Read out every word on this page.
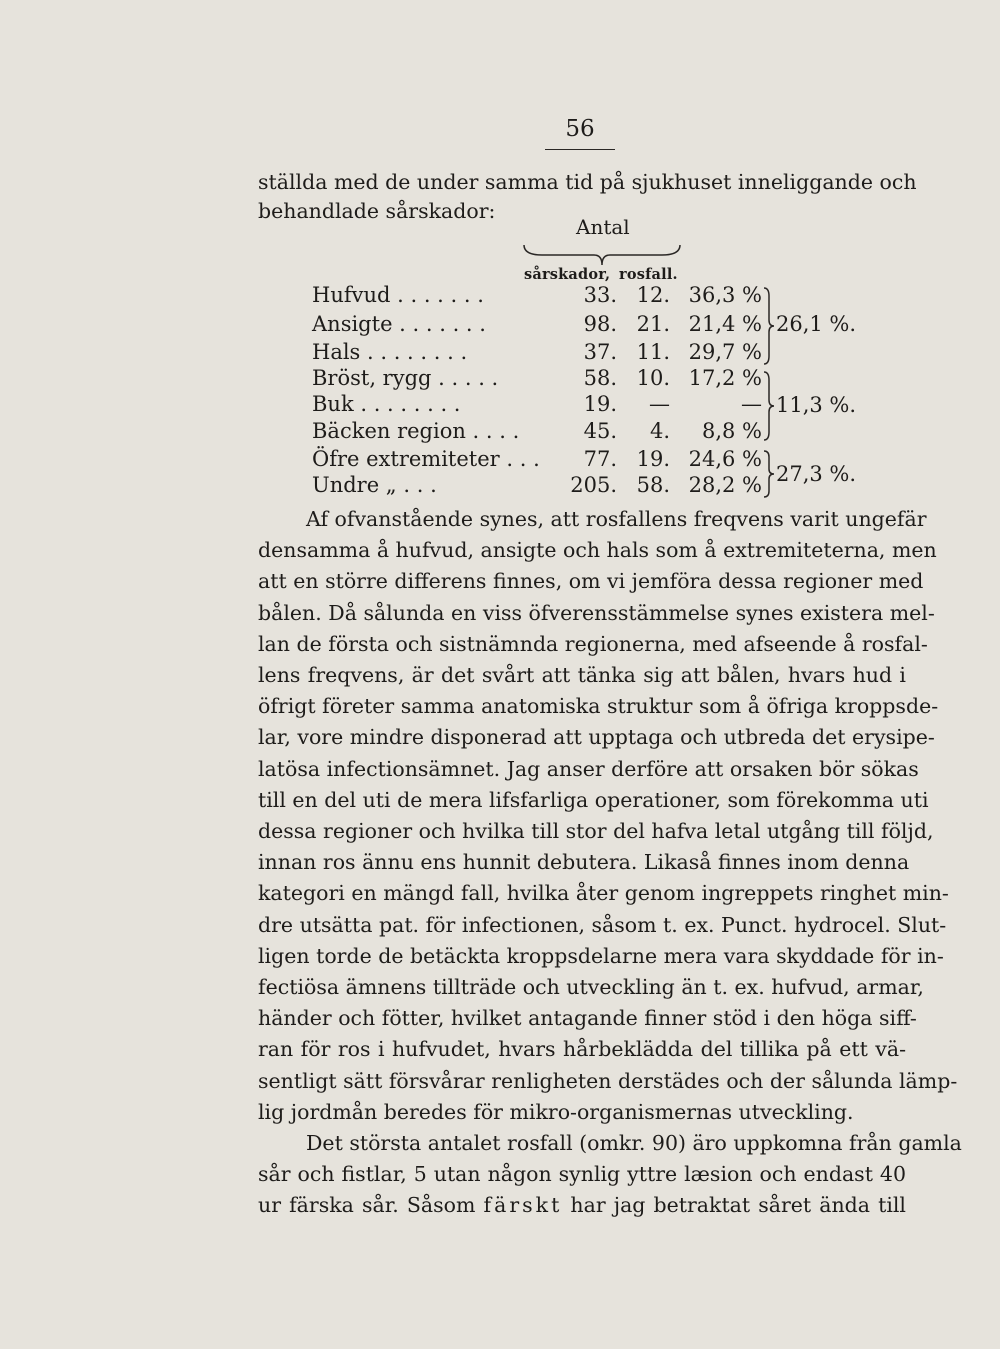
56
ställda med de under samma tid på sjukhuset inneliggande och
behandlade sårskador:
Antal
sårskador, rosfall.
Hufvud . . . . . . .	33. 12. 36,3 %
Ansigte . . . . . . .	98. 21. 21,4 %
Hals . . . . . . . .	37. 11. 29,7 %
Bröst, rygg . . . . .	58. 10. 17,2 %
Buk . . . . . . . .	19.	—	—
Bäcken region . . . .	45.	4.	8,8 %
Öfre extremiteter . . .	77. 19. 24,6 %
Undre „ . . .	205. 58. 28,2 %
26,1 %.
11,3 %.
27,3 %.
Af ofvanstående synes, att rosfallens freqvens varit ungefär
densamma å hufvud, ansigte och hals som å extremiteterna, men
att en större differens finnes, om vi jemföra dessa regioner med
bålen. Då sålunda en viss öfverensstämmelse synes existera mel-
lan de första och sistnämnda regionerna, med afseende å rosfal-
lens freqvens, är det svårt att tänka sig att bålen, hvars hud i
öfrigt företer samma anatomiska struktur som å öfriga kroppsde-
lar, vore mindre disponerad att upptaga och utbreda det erysipe-
latösa infectionsämnet. Jag anser derföre att orsaken bör sökas
till en del uti de mera lifsfarliga operationer, som förekomma uti
dessa regioner och hvilka till stor del hafva letal utgång till följd,
innan ros ännu ens hunnit debutera. Likaså finnes inom denna
kategori en mängd fall, hvilka åter genom ingreppets ringhet min-
dre utsätta pat. för infectionen, såsom t. ex. Punct. hydrocel. Slut-
ligen torde de betäckta kroppsdelarne mera vara skyddade för in-
fectiösa ämnens tillträde och utveckling än t. ex. hufvud, armar,
händer och fötter, hvilket antagande finner stöd i den höga siff-
ran för ros i hufvudet, hvars hårbeklädda del tillika på ett vä-
sentligt sätt försvårar renligheten derstädes och der sålunda lämp-
lig jordmån beredes för mikro-organismernas utveckling.
Det största antalet rosfall (omkr. 90) äro uppkomna från gamla
sår och fistlar, 5 utan någon synlig yttre læsion och endast 40
ur färska sår. Såsom färskt har jag betraktat såret ända till
